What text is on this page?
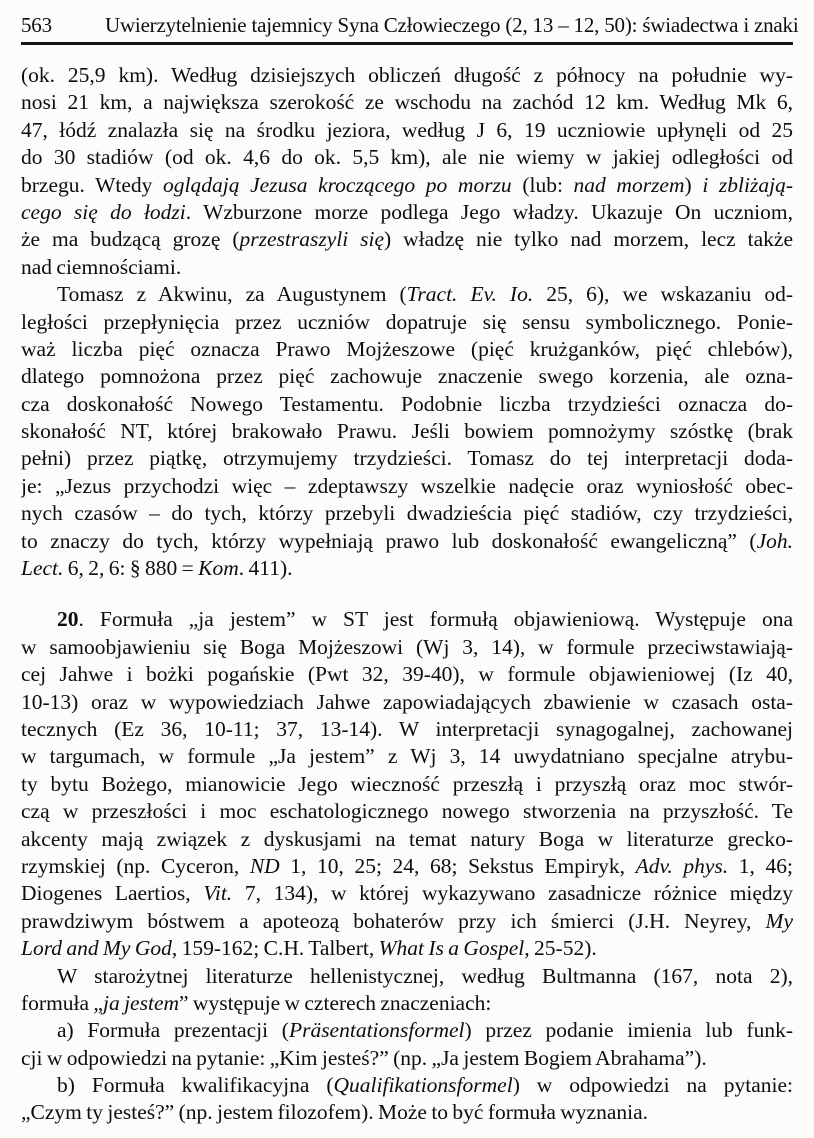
563	Uwierzytelnienie tajemnicy Syna Człowieczego (2, 13 – 12, 50): świadectwa i znaki
(ok. 25,9 km). Według dzisiejszych obliczeń długość z północy na południe wy-
nosi 21 km, a największa szerokość ze wschodu na zachód 12 km. Według Mk 6,
47, łódź znalazła się na środku jeziora, według J 6, 19 uczniowie upłynęli od 25
do 30 stadiów (od ok. 4,6 do ok. 5,5 km), ale nie wiemy w jakiej odległości od
brzegu. Wtedy oglądają Jezusa kroczącego po morzu (lub: nad morzem) i zbliżają-
cego się do łodzi. Wzburzone morze podlega Jego władzy. Ukazuje On uczniom,
że ma budzącą grozę (przestraszyli się) władzę nie tylko nad morzem, lecz także
nad ciemnościami.
Tomasz z Akwinu, za Augustynem (Tract. Ev. Io. 25, 6), we wskazaniu od-
ległości przepłynięcia przez uczniów dopatruje się sensu symbolicznego. Ponie-
waż liczba pięć oznacza Prawo Mojżeszowe (pięć krużganków, pięć chlebów),
dlatego pomnożona przez pięć zachowuje znaczenie swego korzenia, ale ozna-
cza doskonałość Nowego Testamentu. Podobnie liczba trzydzieści oznacza do-
skonałość NT, której brakowało Prawu. Jeśli bowiem pomnożymy szóstkę (brak
pełni) przez piątkę, otrzymujemy trzydzieści. Tomasz do tej interpretacji doda-
je: „Jezus przychodzi więc – zdeptawszy wszelkie nadęcie oraz wyniosłość obec-
nych czasów – do tych, którzy przebyli dwadzieścia pięć stadiów, czy trzydzieści,
to znaczy do tych, którzy wypełniają prawo lub doskonałość ewangeliczną” (Joh.
Lect. 6, 2, 6: § 880 = Kom. 411).
20. Formuła „ja jestem” w ST jest formułą objawieniową. Występuje ona
w samoobjawieniu się Boga Mojżeszowi (Wj 3, 14), w formule przeciwstawiają-
cej Jahwe i bożki pogańskie (Pwt 32, 39-40), w formule objawieniowej (Iz 40,
10-13) oraz w wypowiedziach Jahwe zapowiadających zbawienie w czasach osta-
tecznych (Ez 36, 10-11; 37, 13-14). W interpretacji synagogalnej, zachowanej
w targumach, w formule „Ja jestem” z Wj 3, 14 uwydatniano specjalne atrybu-
ty bytu Bożego, mianowicie Jego wieczność przeszłą i przyszłą oraz moc stwór-
czą w przeszłości i moc eschatologicznego nowego stworzenia na przyszłość. Te
akcenty mają związek z dyskusjami na temat natury Boga w literaturze grecko-
rzymskiej (np. Cyceron, ND 1, 10, 25; 24, 68; Sekstus Empiryk, Adv. phys. 1, 46;
Diogenes Laertios, Vit. 7, 134), w której wykazywano zasadnicze różnice między
prawdziwym bóstwem a apoteozą bohaterów przy ich śmierci (J.H. Neyrey, My
Lord and My God, 159-162; C.H. Talbert, What Is a Gospel, 25-52).
W starożytnej literaturze hellenistycznej, według Bultmanna (167, nota 2),
formuła „ja jestem” występuje w czterech znaczeniach:
a) Formuła prezentacji (Präsentationsformel) przez podanie imienia lub funk-
cji w odpowiedzi na pytanie: „Kim jesteś?” (np. „Ja jestem Bogiem Abrahama”).
b) Formuła kwalifikacyjna (Qualifikationsformel) w odpowiedzi na pytanie:
„Czym ty jesteś?” (np. jestem filozofem). Może to być formuła wyznania.
